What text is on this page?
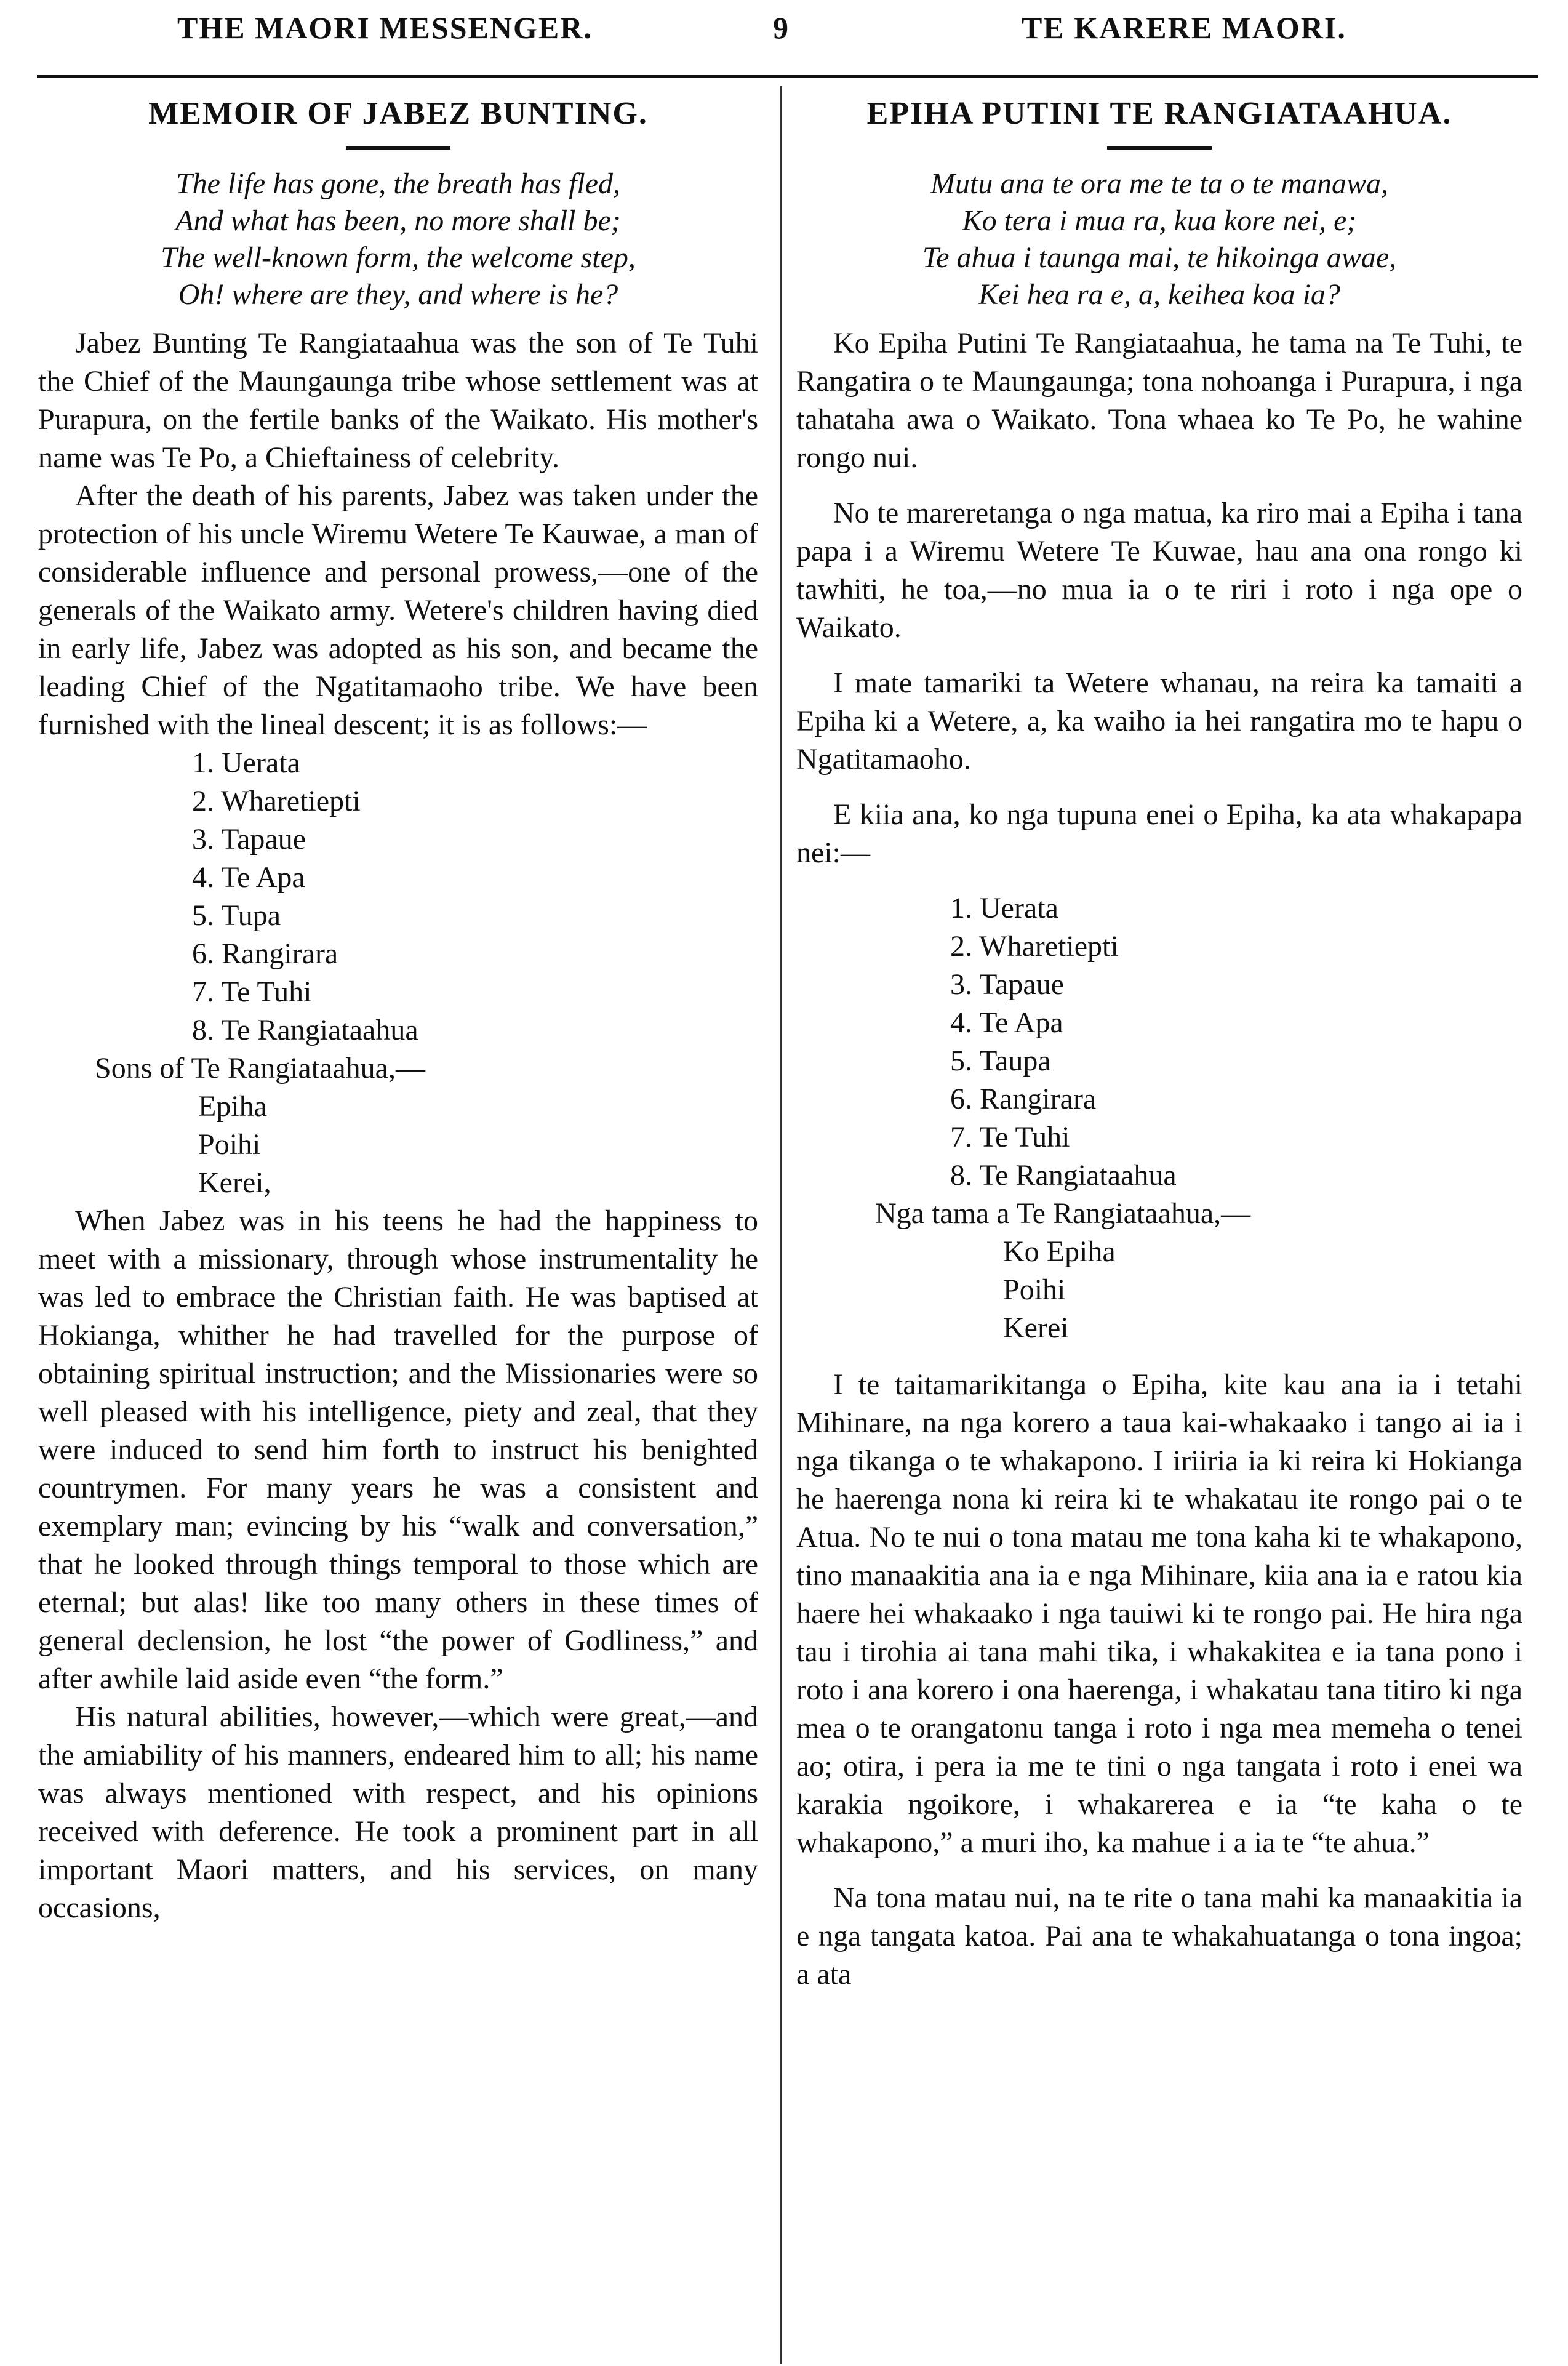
THE MAORI MESSENGER.	9	TE KARERE MAORI.
MEMOIR OF JABEZ BUNTING.
The life has gone, the breath has fled,
And what has been, no more shall be;
The well-known form, the welcome step,
Oh! where are they, and where is he?

Jabez Bunting Te Rangiataahua was the son of Te Tuhi the Chief of the Maungaunga tribe whose settlement was at Purapura, on the fertile banks of the Waikato. His mother's name was Te Po, a Chieftainess of celebrity.

After the death of his parents, Jabez was taken under the protection of his uncle Wiremu Wetere Te Kauwae, a man of considerable influence and personal prowess,—one of the generals of the Waikato army. Wetere's children having died in early life, Jabez was adopted as his son, and became the leading Chief of the Ngatitamaoho tribe. We have been furnished with the lineal descent; it is as follows:—

1. Uerata
2. Wharetiepti
3. Tapaue
4. Te Apa
5. Tupa
6. Rangirara
7. Te Tuhi
8. Te Rangiataahua
Sons of Te Rangiataahua,—
Epiha
Poihi
Kerei,

When Jabez was in his teens he had the happiness to meet with a missionary, through whose instrumentality he was led to embrace the Christian faith. He was baptised at Hokianga, whither he had travelled for the purpose of obtaining spiritual instruction; and the Missionaries were so well pleased with his intelligence, piety and zeal, that they were induced to send him forth to instruct his benighted countrymen. For many years he was a consistent and exemplary man; evincing by his “walk and conversation,” that he looked through things temporal to those which are eternal; but alas! like too many others in these times of general declension, he lost “the power of Godliness,” and after awhile laid aside even “the form.”

His natural abilities, however,—which were great,—and the amiability of his manners, endeared him to all; his name was always mentioned with respect, and his opinions received with deference. He took a prominent part in all important Maori matters, and his services, on many occasions,

EPIHA PUTINI TE RANGIATAAHUA.
Mutu ana te ora me te ta o te manawa,
Ko tera i mua ra, kua kore nei, e;
Te ahua i taunga mai, te hikoinga awae,
Kei hea ra e, a, keihea koa ia?

Ko Epiha Putini Te Rangiataahua, he tama na Te Tuhi, te Rangatira o te Maungaunga; tona nohoanga i Purapura, i nga tahataha awa o Waikato. Tona whaea ko Te Po, he wahine rongo nui.

No te mareretanga o nga matua, ka riro mai a Epiha i tana papa i a Wiremu Wetere Te Kuwae, hau ana ona rongo ki tawhiti, he toa,—no mua ia o te riri i roto i nga ope o Waikato.

I mate tamariki ta Wetere whanau, na reira ka tamaiti a Epiha ki a Wetere, a, ka waiho ia hei rangatira mo te hapu o Ngatitamaoho.

E kiia ana, ko nga tupuna enei o Epiha, ka ata whakapapa nei:—

1. Uerata
2. Wharetiepti
3. Tapaue
4. Te Apa
5. Taupa
6. Rangirara
7. Te Tuhi
8. Te Rangiataahua
Nga tama a Te Rangiataahua,—
Ko Epiha
Poihi
Kerei

I te taitamarikitanga o Epiha, kite kau ana ia i tetahi Mihinare, na nga korero a taua kai-whakaako i tango ai ia i nga tikanga o te whakapono. I iriiria ia ki reira ki Hokianga he haerenga nona ki reira ki te whakatau ite rongo pai o te Atua. No te nui o tona matau me tona kaha ki te whakapono, tino manaakitia ana ia e nga Mihinare, kiia ana ia e ratou kia haere hei whakaako i nga tauiwi ki te rongo pai. He hira nga tau i tirohia ai tana mahi tika, i whakakitea e ia tana pono i roto i ana korero i ona haerenga, i whakatau tana titiro ki nga mea o te orangatonu tanga i roto i nga mea memeha o tenei ao; otira, i pera ia me te tini o nga tangata i roto i enei wa karakia ngoikore, i whakarerea e ia “te kaha o te whakapono,” a muri iho, ka mahue i a ia te “te ahua.”

Na tona matau nui, na te rite o tana mahi ka manaakitia ia e nga tangata katoa. Pai ana te whakahuatanga o tona ingoa; a ata
